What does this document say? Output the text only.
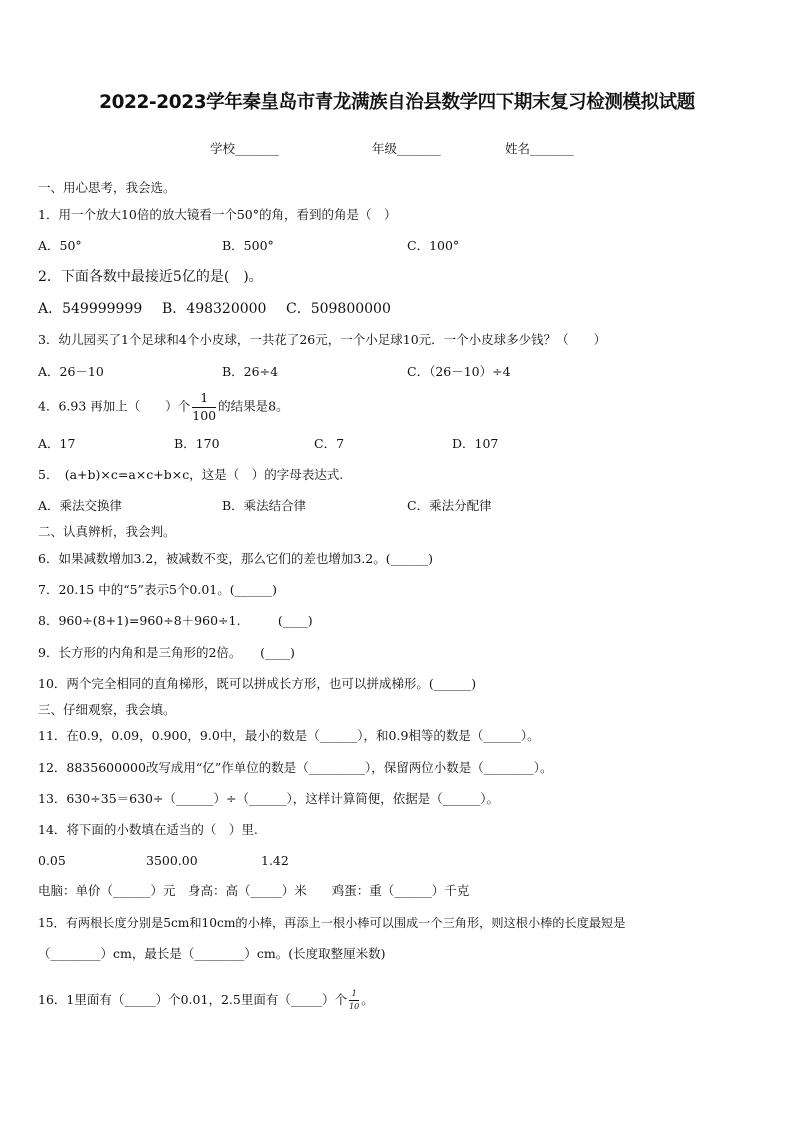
2022-2023学年秦皇岛市青龙满族自治县数学四下期末复习检测模拟试题
学校_______	年级_______	姓名_______
一、用心思考，我会选。
1．用一个放大10倍的放大镜看一个50°的角，看到的角是（　）
A．50°	B．500°	C．100°
2．下面各数中最接近5亿的是(　)。
A．549999999 B．498320000 C．509800000
3．幼儿园买了1个足球和4个小皮球，一共花了26元，一个小足球10元．一个小皮球多少钱？（　　）
A．26－10	B．26÷4	C．（26－10）÷4
4．6.93 再加上（　　）个 $\frac{1}{100}$ 的结果是8。
A．17	B．170	C．7	D．107
5．　(a+b)×c=a×c+b×c，这是（　）的字母表达式.
A．乘法交换律	B．乘法结合律	C．乘法分配律
二、认真辨析，我会判。
6．如果减数增加3.2，被减数不变，那么它们的差也增加3.2。(______)
7．20.15 中的“5”表示5个0.01。(______)
8．960÷(8+1)=960÷8＋960÷1.　　　(____)
9．长方形的内角和是三角形的2倍。　　(____)
10．两个完全相同的直角梯形，既可以拼成长方形，也可以拼成梯形。(______)
三、仔细观察，我会填。
11．在0.9，0.09，0.900，9.0中，最小的数是（______），和0.9相等的数是（______）。
12．8835600000改写成用“亿”作单位的数是（_________），保留两位小数是（________）。
13．630÷35＝630÷（______）÷（______），这样计算简便，依据是（______）。
14．将下面的小数填在适当的（　）里.
0.05	3500.00	1.42
电脑：单价（______）元　身高：高（_____）米　　鸡蛋：重（______）千克
15．有两根长度分别是5cm和10cm的小棒，再添上一根小棒可以围成一个三角形，则这根小棒的长度最短是
（________）cm，最长是（________）cm。(长度取整厘米数)
16．1里面有（_____）个0.01，2.5里面有（_____）个 $\frac{1}{10}$ 。
